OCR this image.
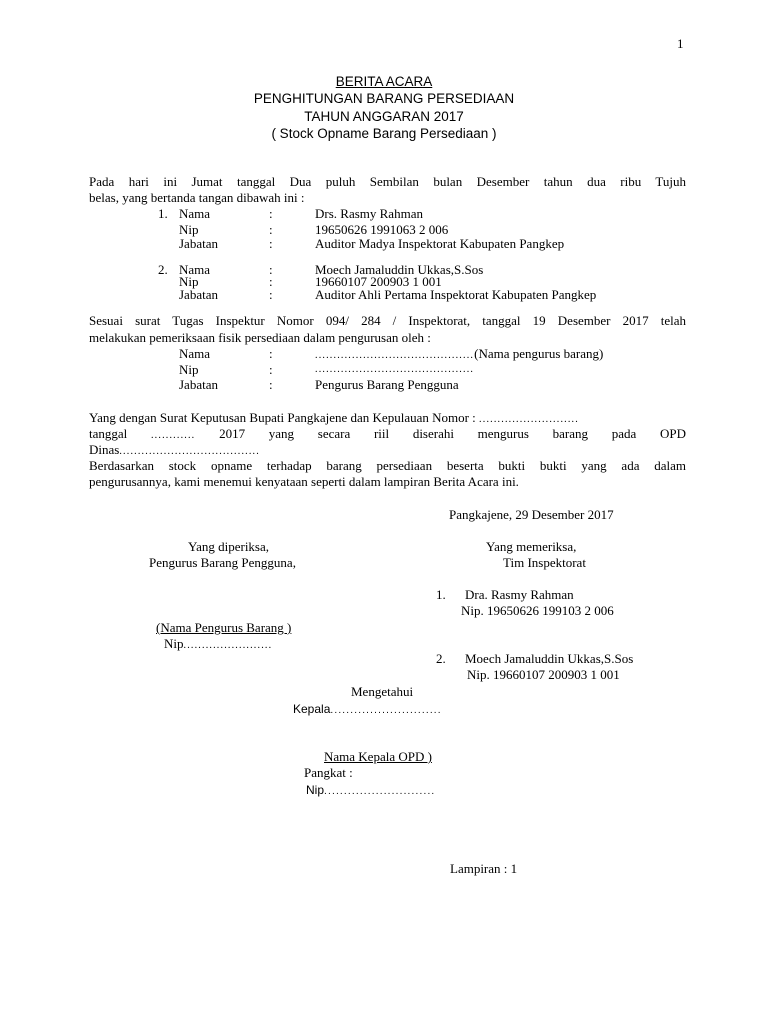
1
BERITA ACARA
PENGHITUNGAN BARANG PERSEDIAAN
TAHUN ANGGARAN 2017
( Stock Opname Barang Persediaan )
Pada hari ini Jumat tanggal Dua puluh Sembilan bulan Desember tahun dua ribu Tujuh
belas, yang bertanda tangan dibawah ini :
1. Nama	:	Drs. Rasmy Rahman
Nip	:	19650626 1991063 2 006
Jabatan	:	Auditor Madya Inspektorat Kabupaten Pangkep
2. Nama	:	Moech Jamaluddin Ukkas,S.Sos
Nip	:	19660107 200903 1 001
Jabatan	:	Auditor Ahli Pertama Inspektorat Kabupaten Pangkep
Sesuai surat Tugas Inspektur Nomor 094/ 284 / Inspektorat, tanggal 19 Desember 2017 telah
melakukan pemeriksaan fisik persediaan dalam pengurusan oleh :
Nama	:	...........................................(Nama pengurus barang)
Nip	:	...........................................
Jabatan	:	Pengurus Barang Pengguna
Yang dengan Surat Keputusan Bupati Pangkajene dan Kepulauan Nomor : ...........................
tanggal ............ 2017 yang secara riil diserahi mengurus barang pada OPD
Dinas......................................
Berdasarkan stock opname terhadap barang persediaan beserta bukti bukti yang ada dalam
pengurusannya, kami menemui kenyataan seperti dalam lampiran Berita Acara ini.
Pangkajene, 29 Desember 2017
Yang diperiksa,
Pengurus Barang Pengguna,
(Nama Pengurus Barang )
Nip........................
Yang memeriksa,
Tim Inspektorat
1. Dra. Rasmy Rahman
Nip. 19650626 199103 2 006
2. Moech Jamaluddin Ukkas,S.Sos
Nip. 19660107 200903 1 001
Mengetahui
Kepala............................
Nama Kepala OPD )
Pangkat :
Nip............................
Lampiran : 1
